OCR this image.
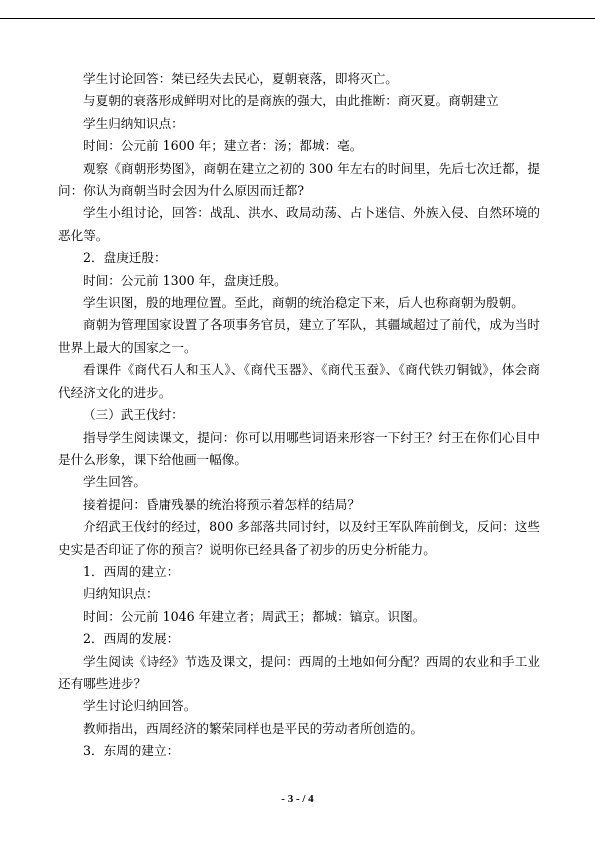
学生讨论回答：桀已经失去民心，夏朝衰落，即将灭亡。

与夏朝的衰落形成鲜明对比的是商族的强大，由此推断：商灭夏。商朝建立

学生归纳知识点：

时间：公元前 1600 年；建立者：汤；都城：亳。

观察《商朝形势图》，商朝在建立之初的 300 年左右的时间里，先后七次迁都，提问：你认为商朝当时会因为什么原因而迁都?

学生小组讨论，回答：战乱、洪水、政局动荡、占卜迷信、外族入侵、自然环境的恶化等。

2．盘庚迁殷：

时间：公元前 1300 年，盘庚迁殷。

学生识图，殷的地理位置。至此，商朝的统治稳定下来，后人也称商朝为殷朝。

商朝为管理国家设置了各项事务官员，建立了军队，其疆域超过了前代，成为当时世界上最大的国家之一。

看课件《商代石人和玉人》、《商代玉器》、《商代玉蚕》、《商代铁刃铜钺》，体会商代经济文化的进步。

（三）武王伐纣：

指导学生阅读课文，提问：你可以用哪些词语来形容一下纣王？纣王在你们心目中是什么形象，课下给他画一幅像。

学生回答。

接着提问：昏庸残暴的统治将预示着怎样的结局？

介绍武王伐纣的经过，800 多部落共同讨纣，以及纣王军队阵前倒戈，反问：这些史实是否印证了你的预言？说明你已经具备了初步的历史分析能力。

1．西周的建立：

归纳知识点：

时间：公元前 1046 年建立者；周武王；都城：镐京。识图。

2．西周的发展：

学生阅读《诗经》节选及课文，提问：西周的土地如何分配？西周的农业和手工业还有哪些进步？

学生讨论归纳回答。

教师指出，西周经济的繁荣同样也是平民的劳动者所创造的。

3．东周的建立：

- 3 - / 4
